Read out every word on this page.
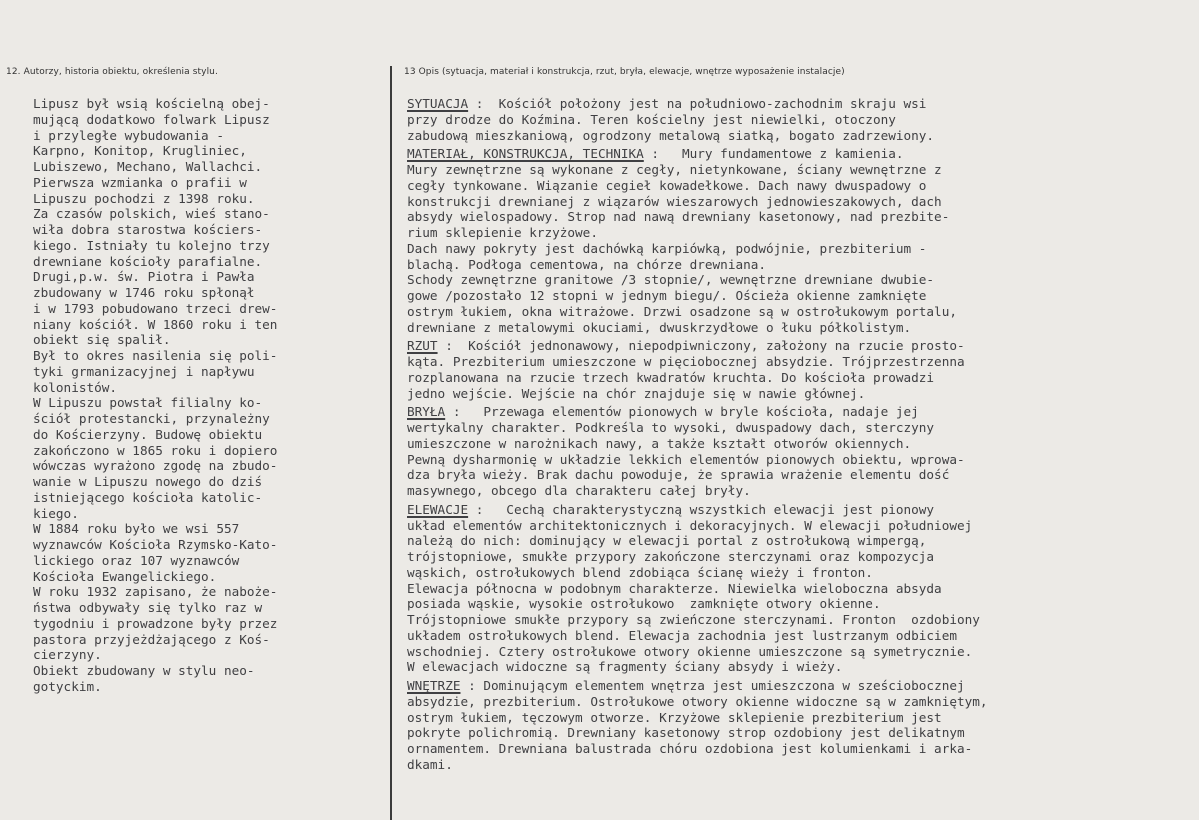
12. Autorzy, historia obiektu, określenia stylu.	13 Opis (sytuacja, materiał i konstrukcja, rzut, bryła, elewacje, wnętrze wyposażenie instalacje)
Lipusz był wsią kościelną obej-
mującą dodatkowo folwark Lipusz
i przyległe wybudowania -
Karpno, Konitop, Krugliniec,
Lubiszewo, Mechano, Wallachci.
Pierwsza wzmianka o prafii w
Lipuszu pochodzi z 1398 roku.
Za czasów polskich, wieś stano-
wiła dobra starostwa kościers-
kiego. Istniały tu kolejno trzy
drewniane kościoły parafialne.
Drugi,p.w. św. Piotra i Pawła
zbudowany w 1746 roku spłonął
i w 1793 pobudowano trzeci drew-
niany kościół. W 1860 roku i ten
obiekt się spalił.
Był to okres nasilenia się poli-
tyki grmanizacyjnej i napływu
kolonistów.
W Lipuszu powstał filialny ko-
ściół protestancki, przynależny
do Kościerzyny. Budowę obiektu
zakończono w 1865 roku i dopiero
wówczas wyrażono zgodę na zbudo-
wanie w Lipuszu nowego do dziś
istniejącego kościoła katolic-
kiego.
W 1884 roku było we wsi 557
wyznawców Kościoła Rzymsko-Kato-
lickiego oraz 107 wyznawców
Kościoła Ewangelickiego.
W roku 1932 zapisano, że naboże-
ństwa odbywały się tylko raz w
tygodniu i prowadzone były przez
pastora przyjeżdżającego z Koś-
cierzyny.
Obiekt zbudowany w stylu neo-
gotyckim.
SYTUACJA :  Kościół położony jest na południowo-zachodnim skraju wsi
przy drodze do Koźmina. Teren kościelny jest niewielki, otoczony
zabudową mieszkaniową, ogrodzony metalową siatką, bogato zadrzewiony.
MATERIAŁ, KONSTRUKCJA, TECHNIKA :   Mury fundamentowe z kamienia.
Mury zewnętrzne są wykonane z cegły, nietynkowane, ściany wewnętrzne z
cegły tynkowane. Wiązanie cegieł kowadełkowe. Dach nawy dwuspadowy o
konstrukcji drewnianej z wiązarów wieszarowych jednowieszakowych, dach
absydy wielospadowy. Strop nad nawą drewniany kasetonowy, nad prezbite-
rium sklepienie krzyżowe.
Dach nawy pokryty jest dachówką karpiówką, podwójnie, prezbiterium -
blachą. Podłoga cementowa, na chórze drewniana.
Schody zewnętrzne granitowe /3 stopnie/, wewnętrzne drewniane dwubie-
gowe /pozostało 12 stopni w jednym biegu/. Ościeża okienne zamknięte
ostrym łukiem, okna witrażowe. Drzwi osadzone są w ostrołukowym portalu,
drewniane z metalowymi okuciami, dwuskrzydłowe o łuku półkolistym.
RZUT :  Kościół jednonawowy, niepodpiwniczony, założony na rzucie prosto-
kąta. Prezbiterium umieszczone w pięciobocznej absydzie. Trójprzestrzenna
rozplanowana na rzucie trzech kwadratów kruchta. Do kościoła prowadzi
jedno wejście. Wejście na chór znajduje się w nawie głównej.
BRYŁA :   Przewaga elementów pionowych w bryle kościoła, nadaje jej
wertykalny charakter. Podkreśla to wysoki, dwuspadowy dach, sterczyny
umieszczone w narożnikach nawy, a także kształt otworów okiennych.
Pewną dysharmonię w układzie lekkich elementów pionowych obiektu, wprowa-
dza bryła wieży. Brak dachu powoduje, że sprawia wrażenie elementu dość
masywnego, obcego dla charakteru całej bryły.
ELEWACJE :   Cechą charakterystyczną wszystkich elewacji jest pionowy
układ elementów architektonicznych i dekoracyjnych. W elewacji południowej
należą do nich: dominujący w elewacji portal z ostrołukową wimpergą,
trójstopniowe, smukłe przypory zakończone sterczynami oraz kompozycja
wąskich, ostrołukowych blend zdobiąca ścianę wieży i fronton.
Elewacja północna w podobnym charakterze. Niewielka wieloboczna absyda
posiada wąskie, wysokie ostrołukowo  zamknięte otwory okienne.
Trójstopniowe smukłe przypory są zwieńczone sterczynami. Fronton  ozdobiony
układem ostrołukowych blend. Elewacja zachodnia jest lustrzanym odbiciem
wschodniej. Cztery ostrołukowe otwory okienne umieszczone są symetrycznie.
W elewacjach widoczne są fragmenty ściany absydy i wieży.
WNĘTRZE : Dominującym elementem wnętrza jest umieszczona w sześciobocznej
absydzie, prezbiterium. Ostrołukowe otwory okienne widoczne są w zamkniętym,
ostrym łukiem, tęczowym otworze. Krzyżowe sklepienie prezbiterium jest
pokryte polichromią. Drewniany kasetonowy strop ozdobiony jest delikatnym
ornamentem. Drewniana balustrada chóru ozdobiona jest kolumienkami i arka-
dkami.
